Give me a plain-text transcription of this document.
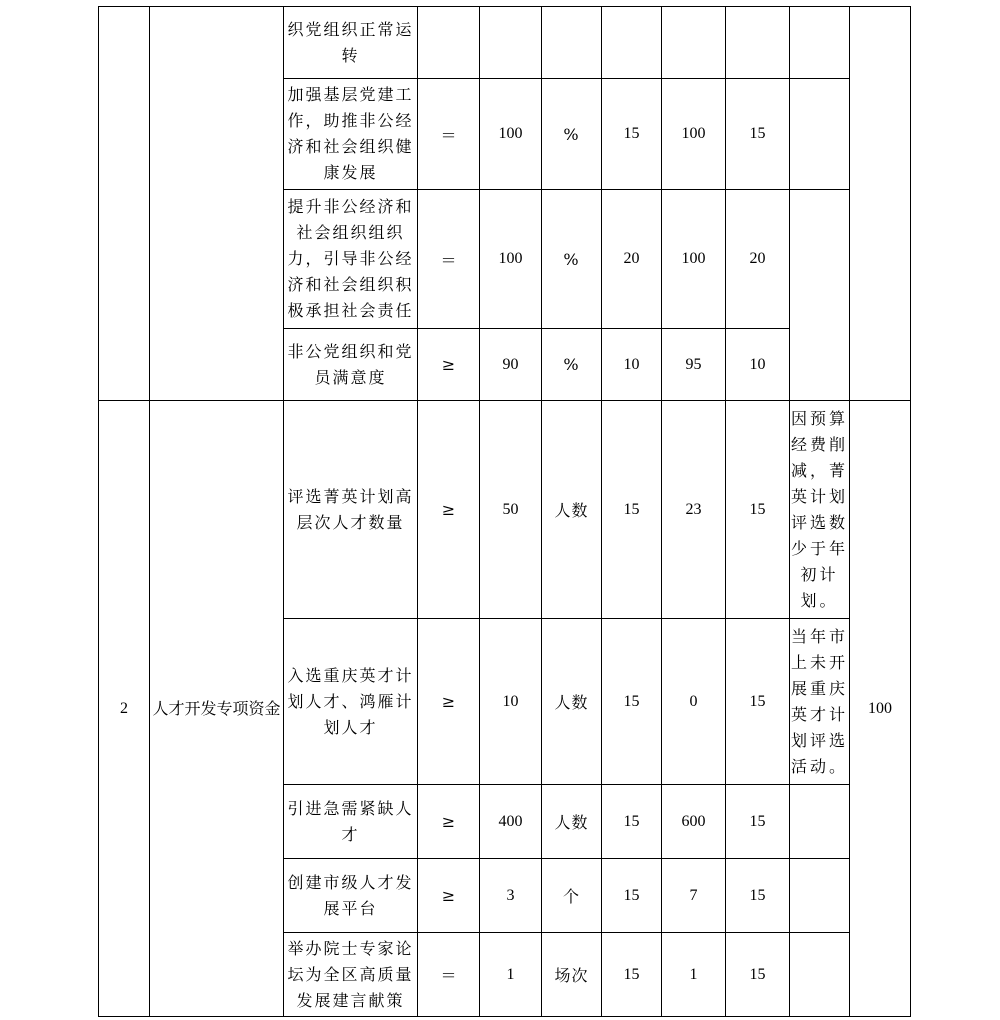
		织党组织正常运转								
		加强基层党建工作，助推非公经济和社会组织健康发展	＝	100	%	15	100	15		
		提升非公经济和社会组织组织力，引导非公经济和社会组织积极承担社会责任	＝	100	%	20	100	20		
		非公党组织和党员满意度	≥	90	%	10	95	10		
2	人才开发专项资金	评选菁英计划高层次人才数量	≥	50	人数	15	23	15	因预算经费削减，菁英计划评选数少于年初计划。	100
		入选重庆英才计划人才、鸿雁计划人才	≥	10	人数	15	0	15	当年市上未开展重庆英才计划评选活动。	
		引进急需紧缺人才	≥	400	人数	15	600	15		
		创建市级人才发展平台	≥	3	个	15	7	15		
		举办院士专家论坛为全区高质量发展建言献策	＝	1	场次	15	1	15		
